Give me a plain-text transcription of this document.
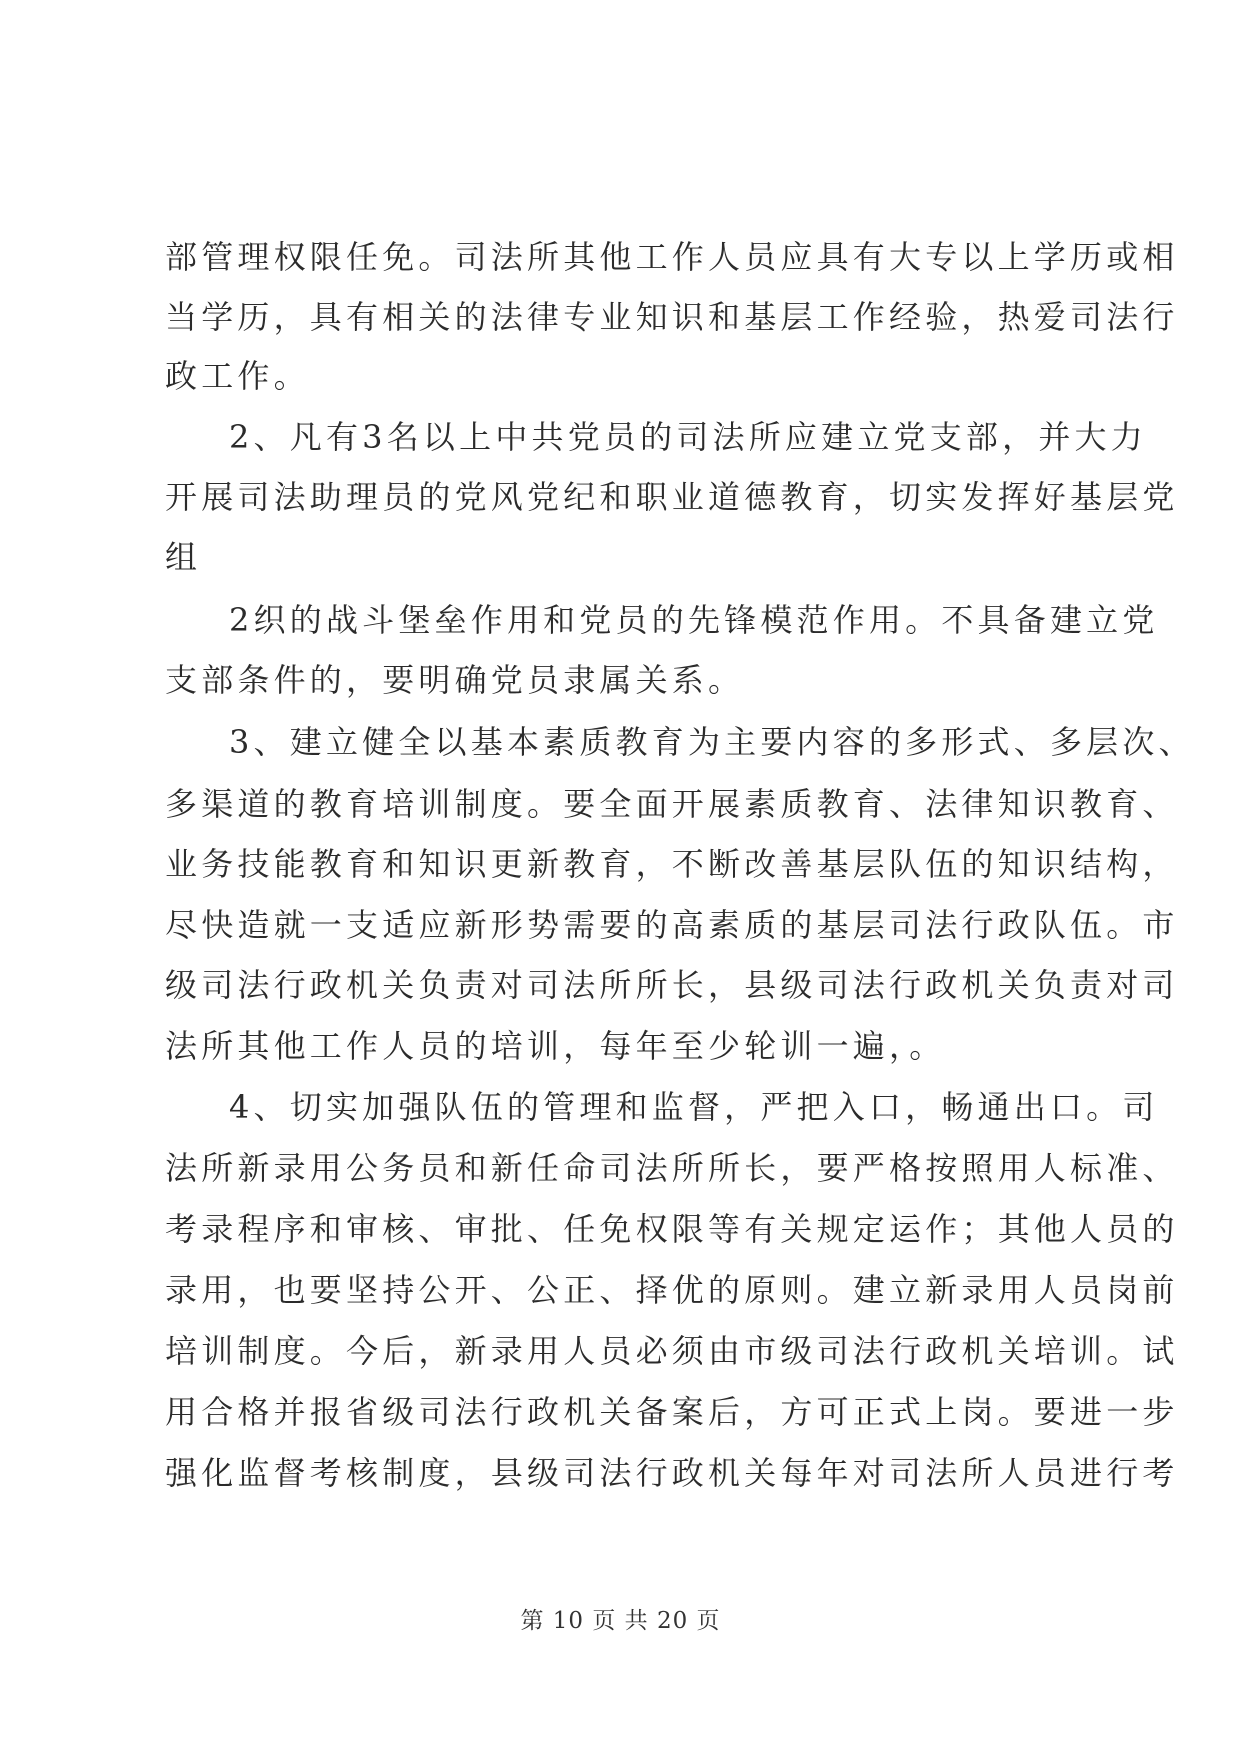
部管理权限任免。司法所其他工作人员应具有大专以上学历或相
当学历，具有相关的法律专业知识和基层工作经验，热爱司法行
政工作。
2、凡有3名以上中共党员的司法所应建立党支部，并大力
开展司法助理员的党风党纪和职业道德教育，切实发挥好基层党
组
2织的战斗堡垒作用和党员的先锋模范作用。不具备建立党
支部条件的，要明确党员隶属关系。
3、建立健全以基本素质教育为主要内容的多形式、多层次、
多渠道的教育培训制度。要全面开展素质教育、法律知识教育、
业务技能教育和知识更新教育，不断改善基层队伍的知识结构，
尽快造就一支适应新形势需要的高素质的基层司法行政队伍。市
级司法行政机关负责对司法所所长，县级司法行政机关负责对司
法所其他工作人员的培训，每年至少轮训一遍，。
4、切实加强队伍的管理和监督，严把入口，畅通出口。司
法所新录用公务员和新任命司法所所长，要严格按照用人标准、
考录程序和审核、审批、任免权限等有关规定运作；其他人员的
录用，也要坚持公开、公正、择优的原则。建立新录用人员岗前
培训制度。今后，新录用人员必须由市级司法行政机关培训。试
用合格并报省级司法行政机关备案后，方可正式上岗。要进一步
强化监督考核制度，县级司法行政机关每年对司法所人员进行考
第 10 页 共 20 页
